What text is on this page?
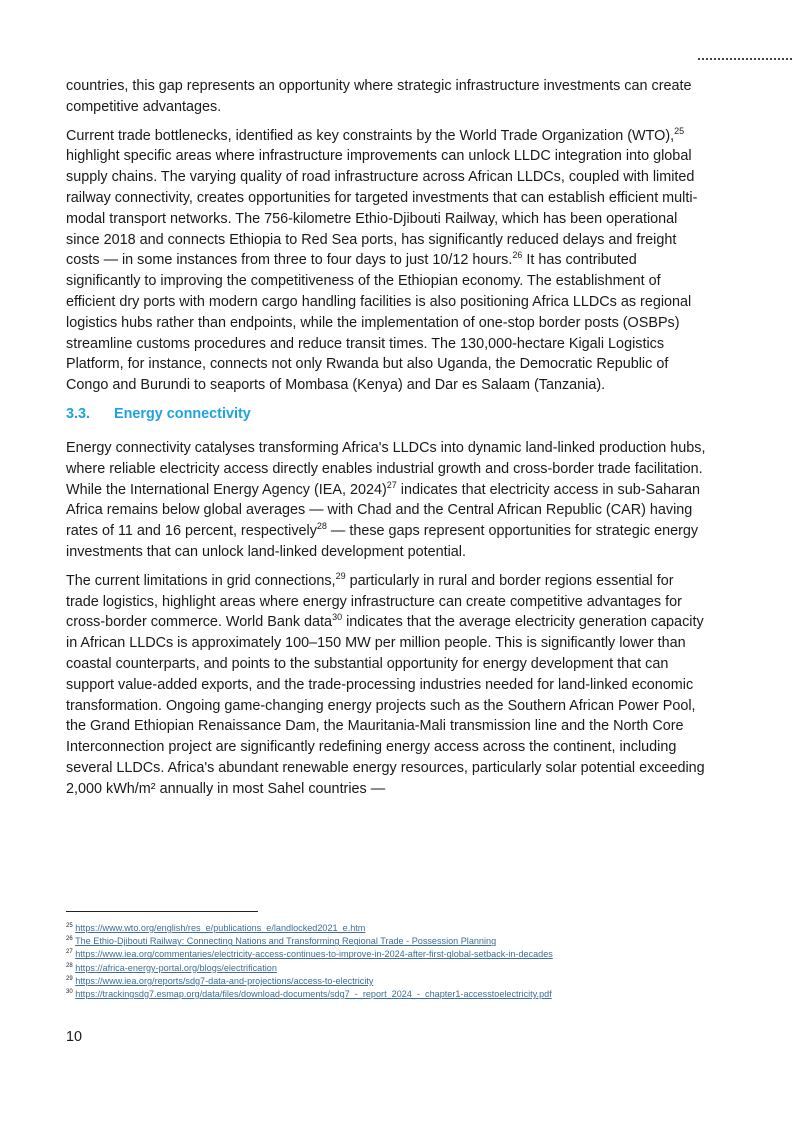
countries, this gap represents an opportunity where strategic infrastructure investments can create competitive advantages.

Current trade bottlenecks, identified as key constraints by the World Trade Organization (WTO),$^{25}$ highlight specific areas where infrastructure improvements can unlock LLDC integration into global supply chains. The varying quality of road infrastructure across African LLDCs, coupled with limited railway connectivity, creates opportunities for targeted investments that can establish efficient multi-modal transport networks. The 756-kilometre Ethio-Djibouti Railway, which has been operational since 2018 and connects Ethiopia to Red Sea ports, has significantly reduced delays and freight costs — in some instances from three to four days to just 10/12 hours.$^{26}$ It has contributed significantly to improving the competitiveness of the Ethiopian economy. The establishment of efficient dry ports with modern cargo handling facilities is also positioning Africa LLDCs as regional logistics hubs rather than endpoints, while the implementation of one-stop border posts (OSBPs) streamline customs procedures and reduce transit times. The 130,000-hectare Kigali Logistics Platform, for instance, connects not only Rwanda but also Uganda, the Democratic Republic of Congo and Burundi to seaports of Mombasa (Kenya) and Dar es Salaam (Tanzania).

3.3.	Energy connectivity

Energy connectivity catalyses transforming Africa's LLDCs into dynamic land-linked production hubs, where reliable electricity access directly enables industrial growth and cross-border trade facilitation. While the International Energy Agency (IEA, 2024)$^{27}$ indicates that electricity access in sub-Saharan Africa remains below global averages — with Chad and the Central African Republic (CAR) having rates of 11 and 16 percent, respectively$^{28}$ — these gaps represent opportunities for strategic energy investments that can unlock land-linked development potential.

The current limitations in grid connections,$^{29}$ particularly in rural and border regions essential for trade logistics, highlight areas where energy infrastructure can create competitive advantages for cross-border commerce. World Bank data$^{30}$ indicates that the average electricity generation capacity in African LLDCs is approximately 100–150 MW per million people. This is significantly lower than coastal counterparts, and points to the substantial opportunity for energy development that can support value-added exports, and the trade-processing industries needed for land-linked economic transformation. Ongoing game-changing energy projects such as the Southern African Power Pool, the Grand Ethiopian Renaissance Dam, the Mauritania-Mali transmission line and the North Core Interconnection project are significantly redefining energy access across the continent, including several LLDCs. Africa's abundant renewable energy resources, particularly solar potential exceeding 2,000 kWh/m² annually in most Sahel countries —

$^{25}$ https://www.wto.org/english/res_e/publications_e/landlocked2021_e.htm
$^{26}$ The Ethio-Djibouti Railway: Connecting Nations and Transforming Regional Trade - Possession Planning
$^{27}$ https://www.iea.org/commentaries/electricity-access-continues-to-improve-in-2024-after-first-global-setback-in-decades
$^{28}$ https://africa-energy-portal.org/blogs/electrification
$^{29}$ https://www.iea.org/reports/sdg7-data-and-projections/access-to-electricity
$^{30}$ https://trackingsdg7.esmap.org/data/files/download-documents/sdg7_-_report_2024_-_chapter1-accesstoelectricity.pdf
10
